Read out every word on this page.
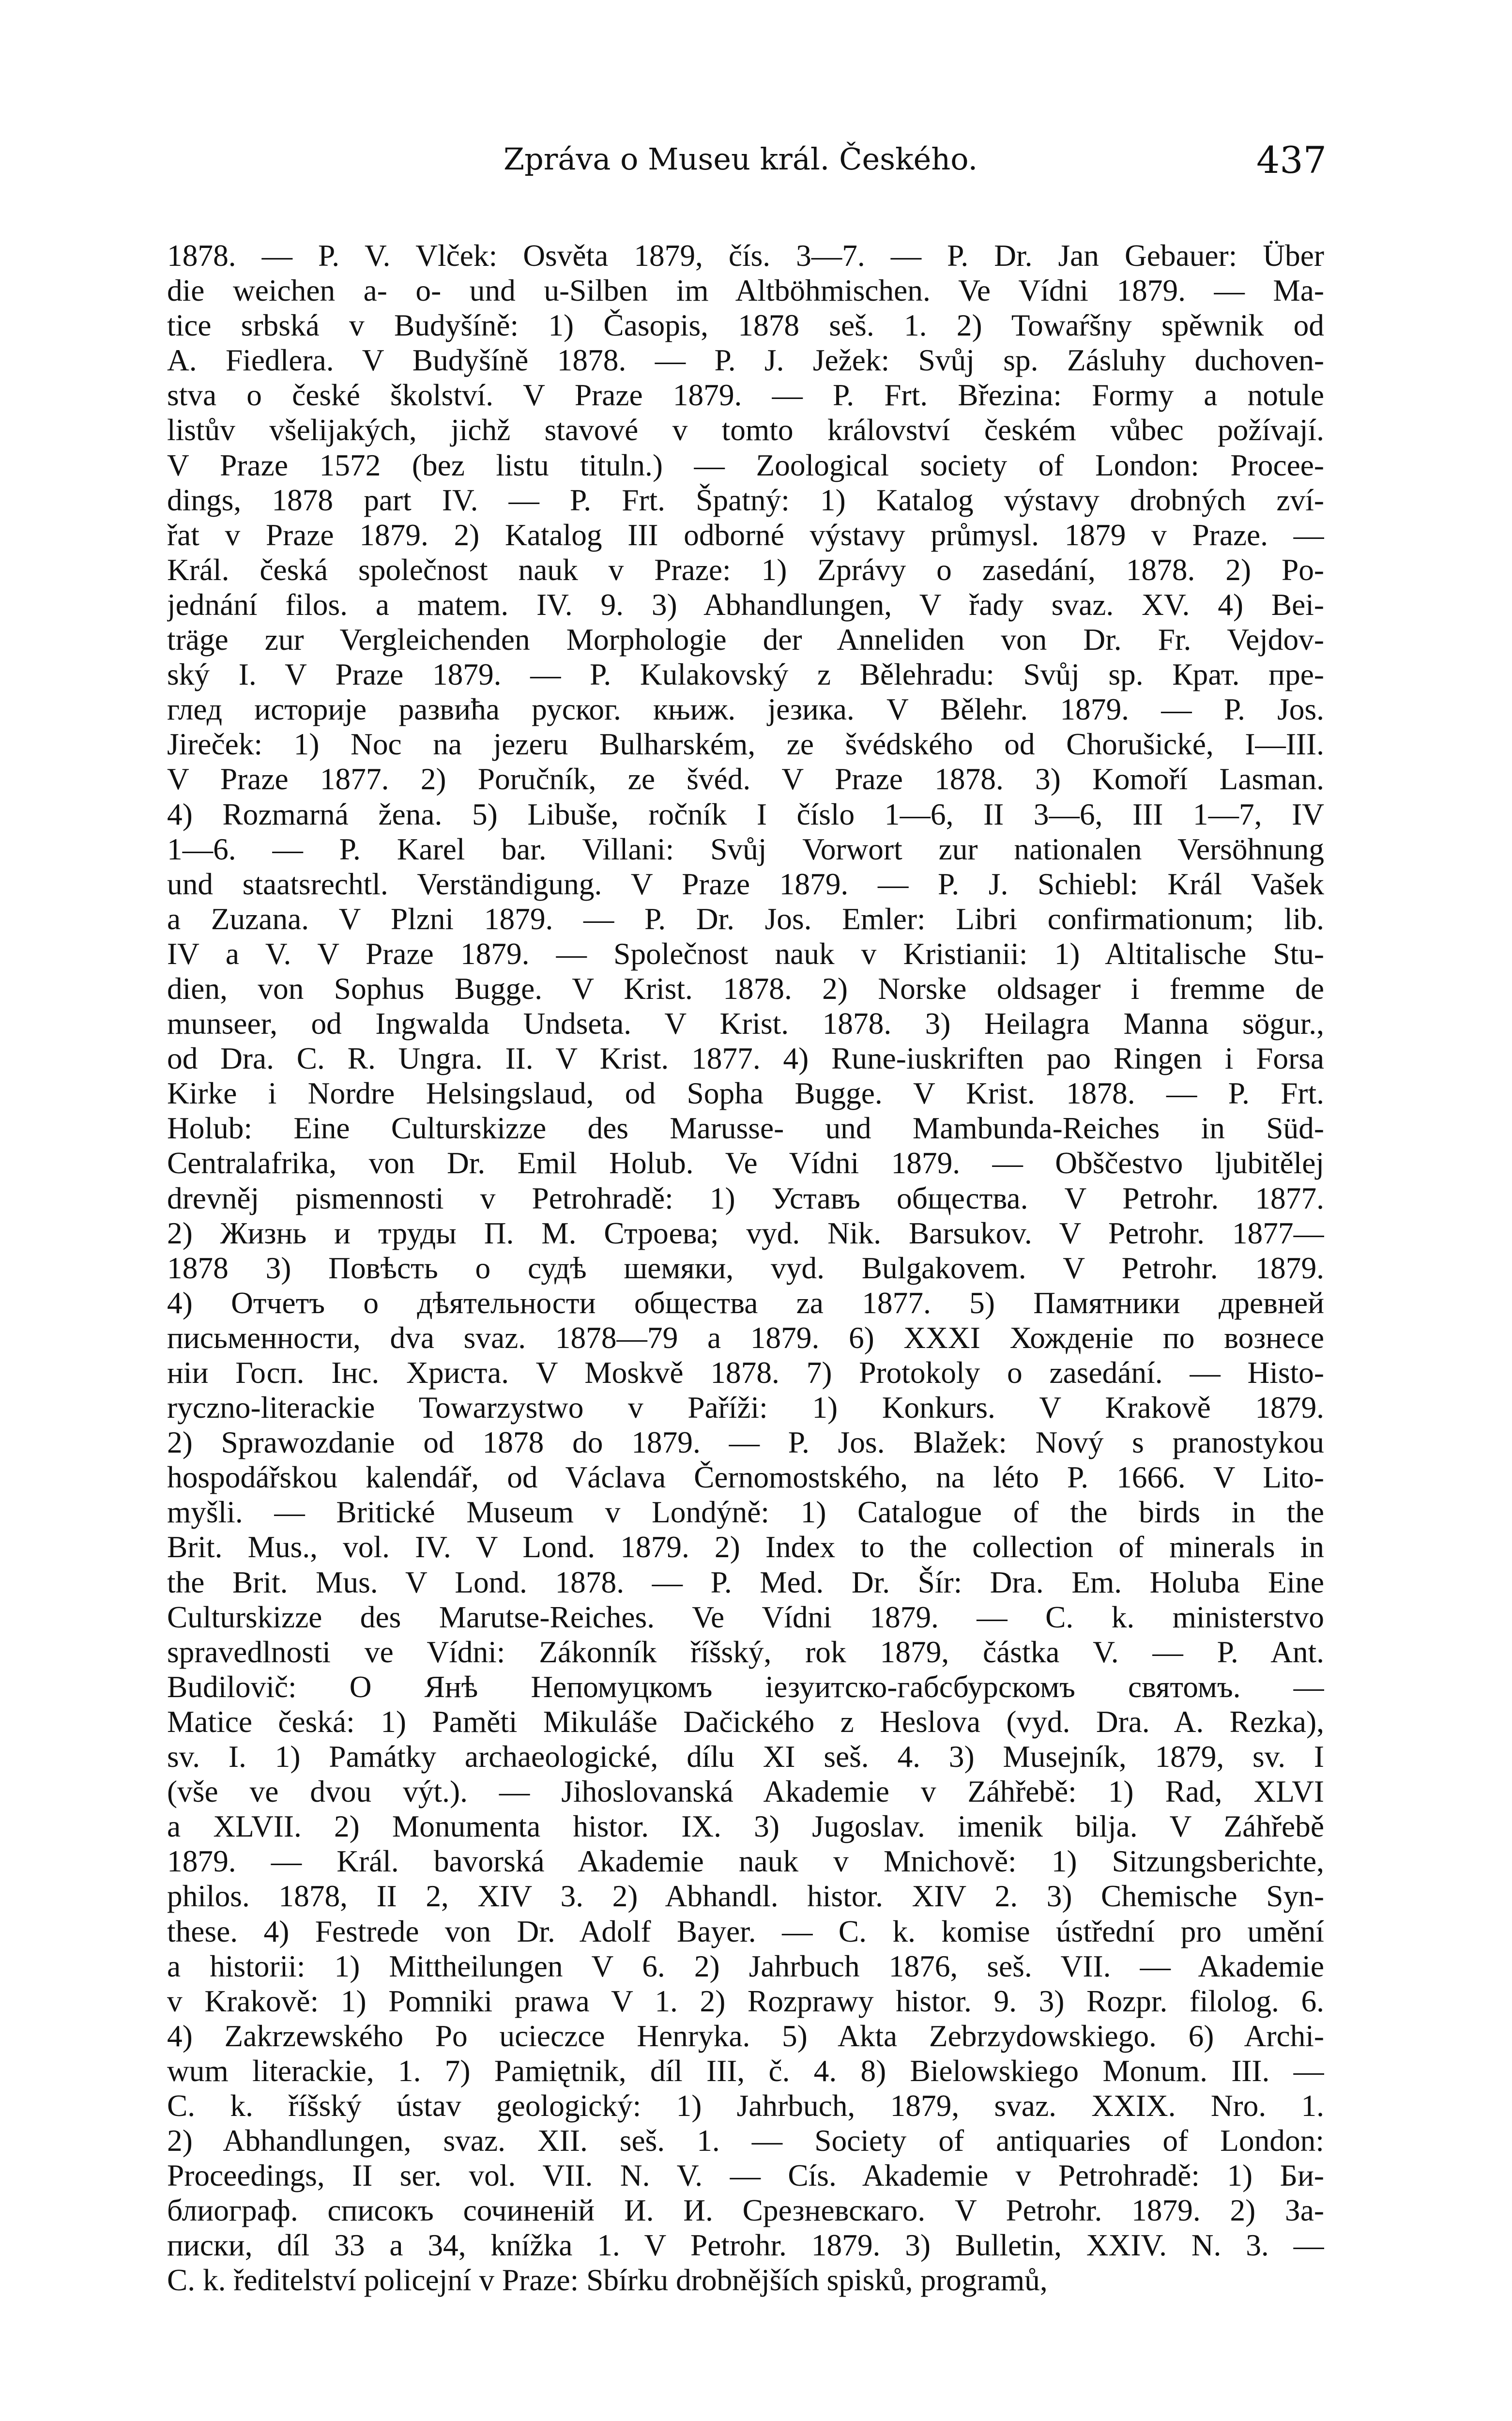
Zpráva o Museu král. Českého.	437
1878. — P. V. Vlček: Osvěta 1879, čís. 3—7. — P. Dr. Jan Gebauer: Über
die weichen a- o- und u-Silben im Altböhmischen. Ve Vídni 1879. — Ma-
tice srbská v Budyšíně: 1) Časopis, 1878 seš. 1. 2) Towaŕšny spěwnik od
A. Fiedlera. V Budyšíně 1878. — P. J. Ježek: Svůj sp. Zásluhy duchoven-
stva o české školství. V Praze 1879. — P. Frt. Březina: Formy a notule
listův všelijakých, jichž stavové v tomto království českém vůbec požívají.
V Praze 1572 (bez listu tituln.) — Zoological society of London: Procee-
dings, 1878 part IV. — P. Frt. Špatný: 1) Katalog výstavy drobných zví-
řat v Praze 1879. 2) Katalog III odborné výstavy průmysl. 1879 v Praze. —
Král. česká společnost nauk v Praze: 1) Zprávy o zasedání, 1878. 2) Po-
jednání filos. a matem. IV. 9. 3) Abhandlungen, V řady svaz. XV. 4) Bei-
träge zur Vergleichenden Morphologie der Anneliden von Dr. Fr. Vejdov-
ský I. V Praze 1879. — P. Kulakovský z Bělehradu: Svůj sp. Крат. пре-
глед историје развиħа руског. књиж. језика. V Bělehr. 1879. — P. Jos.
Jireček: 1) Noc na jezeru Bulharském, ze švédského od Chorušické, I—III.
V Praze 1877. 2) Poručník, ze švéd. V Praze 1878. 3) Komoří Lasman.
4) Rozmarná žena. 5) Libuše, ročník I číslo 1—6, II 3—6, III 1—7, IV
1—6. — P. Karel bar. Villani: Svůj Vorwort zur nationalen Versöhnung
und staatsrechtl. Verständigung. V Praze 1879. — P. J. Schiebl: Král Vašek
a Zuzana. V Plzni 1879. — P. Dr. Jos. Emler: Libri confirmationum; lib.
IV a V. V Praze 1879. — Společnost nauk v Kristianii: 1) Altitalische Stu-
dien, von Sophus Bugge. V Krist. 1878. 2) Norske oldsager i fremme de
munseer, od Ingwalda Undseta. V Krist. 1878. 3) Heilagra Manna sögur.,
od Dra. C. R. Ungra. II. V Krist. 1877. 4) Rune-iuskriften pao Ringen i Forsa
Kirke i Nordre Helsingslaud, od Sopha Bugge. V Krist. 1878. — P. Frt.
Holub: Eine Culturskizze des Marusse- und Mambunda-Reiches in Süd-
Centralafrika, von Dr. Emil Holub. Ve Vídni 1879. — Obščestvo ljubitělej
drevněj pismennosti v Petrohradě: 1) Уставъ общества. V Petrohr. 1877.
2) Жизнь и труды П. М. Строева; vyd. Nik. Barsukov. V Petrohr. 1877—
1878 3) Повѣсть о судѣ шемяки, vyd. Bulgakovem. V Petrohr. 1879.
4) Отчетъ о дѣятельности общества za 1877. 5) Памятники древней
письменности, dva svaz. 1878—79 a 1879. 6) XXXI Хожденіе по вознесе
ніи Госп. Інс. Христа. V Moskvě 1878. 7) Protokoly o zasedání. — Histo-
ryczno-literackie Towarzystwo v Paříži: 1) Konkurs. V Krakově 1879.
2) Sprawozdanie od 1878 do 1879. — P. Jos. Blažek: Nový s pranostykou
hospodářskou kalendář, od Václava Černomostského, na léto P. 1666. V Lito-
myšli. — Britické Museum v Londýně: 1) Catalogue of the birds in the
Brit. Mus., vol. IV. V Lond. 1879. 2) Index to the collection of minerals in
the Brit. Mus. V Lond. 1878. — P. Med. Dr. Šír: Dra. Em. Holuba Eine
Culturskizze des Marutse-Reiches. Ve Vídni 1879. — C. k. ministerstvo
spravedlnosti ve Vídni: Zákonník říšský, rok 1879, částka V. — P. Ant.
Budilovič: O Янѣ Непомуцкомъ iезуитско-габсбурскомъ святомъ. —
Matice česká: 1) Paměti Mikuláše Dačického z Heslova (vyd. Dra. A. Rezka),
sv. I. 1) Památky archaeologické, dílu XI seš. 4. 3) Musejník, 1879, sv. I
(vše ve dvou výt.). — Jihoslovanská Akademie v Záhřebě: 1) Rad, XLVI
a XLVII. 2) Monumenta histor. IX. 3) Jugoslav. imenik bilja. V Záhřebě
1879. — Král. bavorská Akademie nauk v Mnichově: 1) Sitzungsberichte,
philos. 1878, II 2, XIV 3. 2) Abhandl. histor. XIV 2. 3) Chemische Syn-
these. 4) Festrede von Dr. Adolf Bayer. — C. k. komise ústřední pro umění
a historii: 1) Mittheilungen V 6. 2) Jahrbuch 1876, seš. VII. — Akademie
v Krakově: 1) Pomniki prawa V 1. 2) Rozprawy histor. 9. 3) Rozpr. filolog. 6.
4) Zakrzewského Po ucieczce Henryka. 5) Akta Zebrzydowskiego. 6) Archi-
wum literackie, 1. 7) Pamiętnik, díl III, č. 4. 8) Bielowskiego Monum. III. —
C. k. říšský ústav geologický: 1) Jahrbuch, 1879, svaz. XXIX. Nro. 1.
2) Abhandlungen, svaz. XII. seš. 1. — Society of antiquaries of London:
Proceedings, II ser. vol. VII. N. V. — Cís. Akademie v Petrohradě: 1) Би-
блиограф. списокъ сочиненій И. И. Срезневскаго. V Petrohr. 1879. 2) За-
писки, díl 33 a 34, knížka 1. V Petrohr. 1879. 3) Bulletin, XXIV. N. 3. —
C. k. ředitelství policejní v Praze: Sbírku drobnějších spisků, programů,
